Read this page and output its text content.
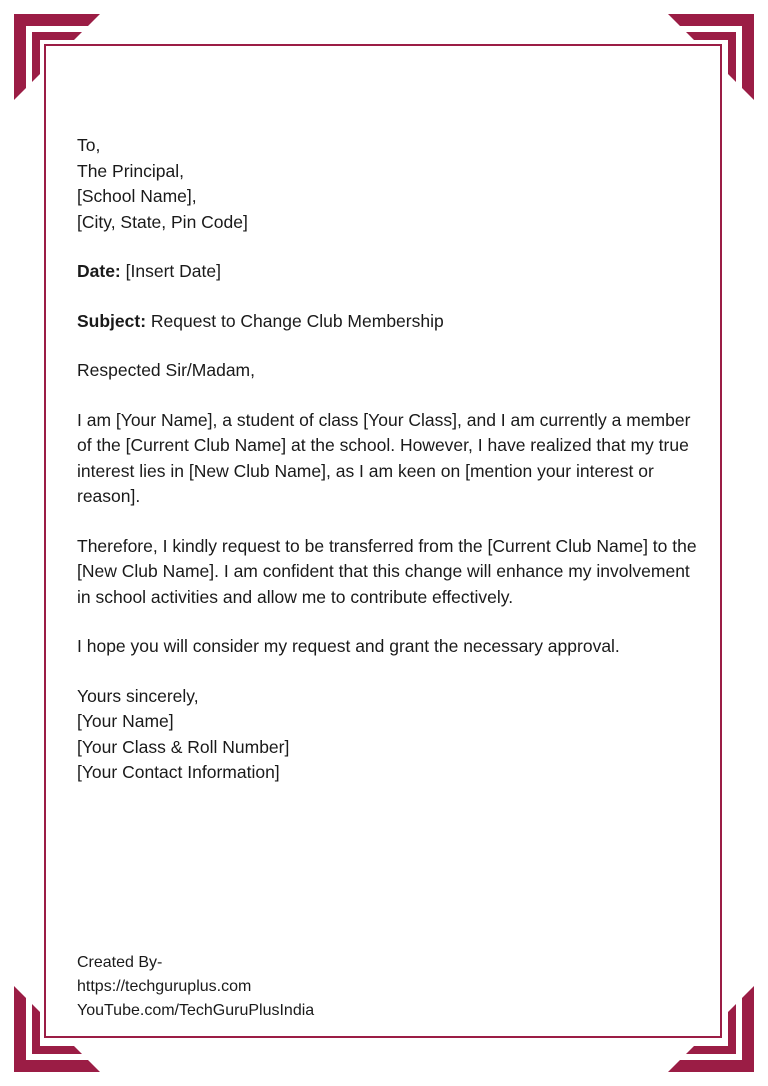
To,
The Principal,
[School Name],
[City, State, Pin Code]

Date: [Insert Date]

Subject: Request to Change Club Membership

Respected Sir/Madam,

I am [Your Name], a student of class [Your Class], and I am currently a member of the [Current Club Name] at the school. However, I have realized that my true interest lies in [New Club Name], as I am keen on [mention your interest or reason].

Therefore, I kindly request to be transferred from the [Current Club Name] to the [New Club Name]. I am confident that this change will enhance my involvement in school activities and allow me to contribute effectively.

I hope you will consider my request and grant the necessary approval.

Yours sincerely,
[Your Name]
[Your Class & Roll Number]
[Your Contact Information]

Created By-
https://techguruplus.com
YouTube.com/TechGuruPlusIndia
